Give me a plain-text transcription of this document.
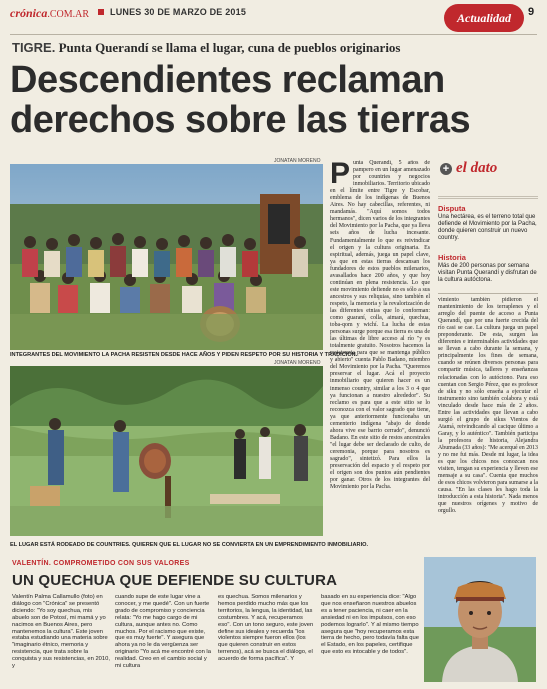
crónica.COM.AR LUNES 30 DE MARZO DE 2015	Actualidad	9
TIGRE. Punta Querandí se llama el lugar, cuna de pueblos originarios
Descendientes reclaman
derechos sobre las tierras
JONATAN MORENO
INTEGRANTES DEL MOVIMIENTO LA PACHA RESISTEN DESDE HACE AÑOS Y PIDEN RESPETO POR SU HISTORIA Y TRADICIÓN.
JONATAN MORENO
EL LUGAR ESTÁ RODEADO DE COUNTRIES. QUIEREN QUE EL LUGAR NO SE CONVIERTA EN UN EMPRENDIMIENTO INMOBILIARIO.
Punta Querandí, 5 años de pampero en un lugar amenazado por countries y negocios inmobiliarios. Territorio ubicado en el límite entre Tigre y Escobar, emblema de los indígenas de Buenos Aires. No hay cabecillas, referentes, ni mandamás. "Aquí somos todos hermanos", dicen varios de los integrantes del Movimiento por la Pacha, que ya lleva seis años de lucha incesante. Fundamentalmente lo que es reivindicar el origen y la cultura originaria. Es espiritual, además, juega un papel clave, ya que en estas tierras descansan los fundadores de estos pueblos milenarios, avasallados hace 200 años, y que hoy continúan en plena resistencia. Lo que este movimiento defiende no es sólo a sus ancestros y sus reliquias, sino también el respeto, la memoria y la revalorización de las diferentes etnias que lo conforman: como guaraní, colla, aimará, quechua, toba-qom y wichí. La lucha de estas personas surge porque esa tierra es una de las últimas de libre acceso al río "y es totalmente gratuito. Nosotros hacemos la resistencia para que se mantenga público y abierto" cuenta Pablo Badano, miembro del Movimiento por la Pacha. "Queremos preservar el lugar. Acá el proyecto inmobiliario que quieren hacer es un inmenso country, similar a los 3 o 4 que ya funcionan a nuestro alrededor". Su reclamo es para que a este sitio se lo reconozca con el valor sagrado que tiene, ya que anteriormente funcionaba un cementerio indígena "abajo de donde ahora vive ese barrio cerrado", denunció Badano. En este sitio de restos ancestrales "el lugar debe ser declarado de culto, de ceremonia, porque para nosotros es sagrado", sintetizó. Para ellos la preservación del espacio y el respeto por el origen son dos puntos aún pendientes por ganar. Otros de los integrantes del Movimiento por la Pacha.
+ el dato
Disputa
Una hectárea, es el terreno total que defiende el Movimiento por la Pacha, donde quieren construir un nuevo country.
Historia
Más de 200 personas por semana visitan Punta Querandí y disfrutan de la cultura autóctona.
vimiento también pidieron el mantenimiento de los terraplenes y el arreglo del puente de acceso a Punta Querandí, que por una fuerte crecida del río casi se cae. La cultura juega un papel preponderante. De esta, surgen las diferentes e interminables actividades que se llevan a cabo durante la semana, y principalmente los fines de semana, cuando se reúnen diversos personas para compartir música, talleres y enseñanzas relacionadas con lo autóctono. Para eso cuentan con Sergio Pérez, que es profesor de siku y no sólo enseña a ejecutar el instrumento sino también colabora y está vinculado desde hace más de 2 años. Entre las actividades que llevan a cabo surgió el grupo de sikus Vientos de Atamá, reivindicando al cacique último a Garay, y lo auténtico". También participa la profesora de historia, Alejandra Abumada (33 años): "Me acerqué en 2013 y no me fui más. Desde mi lugar, la idea es que los chicos nos conozcan nos visiten, tengan su experiencia y lleven ese mensaje a su casa". Cuenta que muchos de esos chicos volvieron para sumarse a la causa. "En las clases les hago toda la introducción a esta historia". Nada menos que nuestros orígenes y motivo de orgullo.
VALENTÍN. COMPROMETIDO CON SUS VALORES
UN QUECHUA QUE DEFIENDE SU CULTURA
Valentín Palma Callamullo (foto) en diálogo con "Crónica" se presentó diciendo: "Yo soy quechua, mis abuelo son de Potosí, mi mamá y yo nacimos en Buenos Aires, pero mantenemos la cultura". Este joven estaba estudiando una materia sobre "imaginario étnico, memoria y resistencia, que trata sobre la conquista y sus resistencias, en 2010, y
cuando supe de este lugar vine a conocer, y me quedé". Con un fuerte grado de compromiso y conciencia relata: "Yo me hago cargo de mi cultura, aunque antes no. Como muchos. Por el racismo que existe, que es muy fuerte". Y asegura que ahora ya no le da vergüenza ser originario "Yo acá me encontré con la realidad. Creo en el cambio social y mi cultura
es quechua. Somos milenarios y hemos perdido mucho más que los territorios, la lengua, la identidad, las costumbres. Y acá, recuperamos eso". Con un tono seguro, este joven define sus ideales y recuerda "los violentos siempre fueron ellos (los que quieren construir en estos terrenos), acá se busca el diálogo, el acuerdo de forma pacífica". Y
basado en su experiencia dice: "Algo que nos enseñaron nuestros abuelos es a tener paciencia, ni caer en la ansiedad ni en los impulsos, con eso podemos lograrlo". Y al mismo tiempo asegura que "hoy recuperamos esta tierra de hecho, pero todavía falta que el Estado, en los papeles, certifique que esto es intocable y de todos".
